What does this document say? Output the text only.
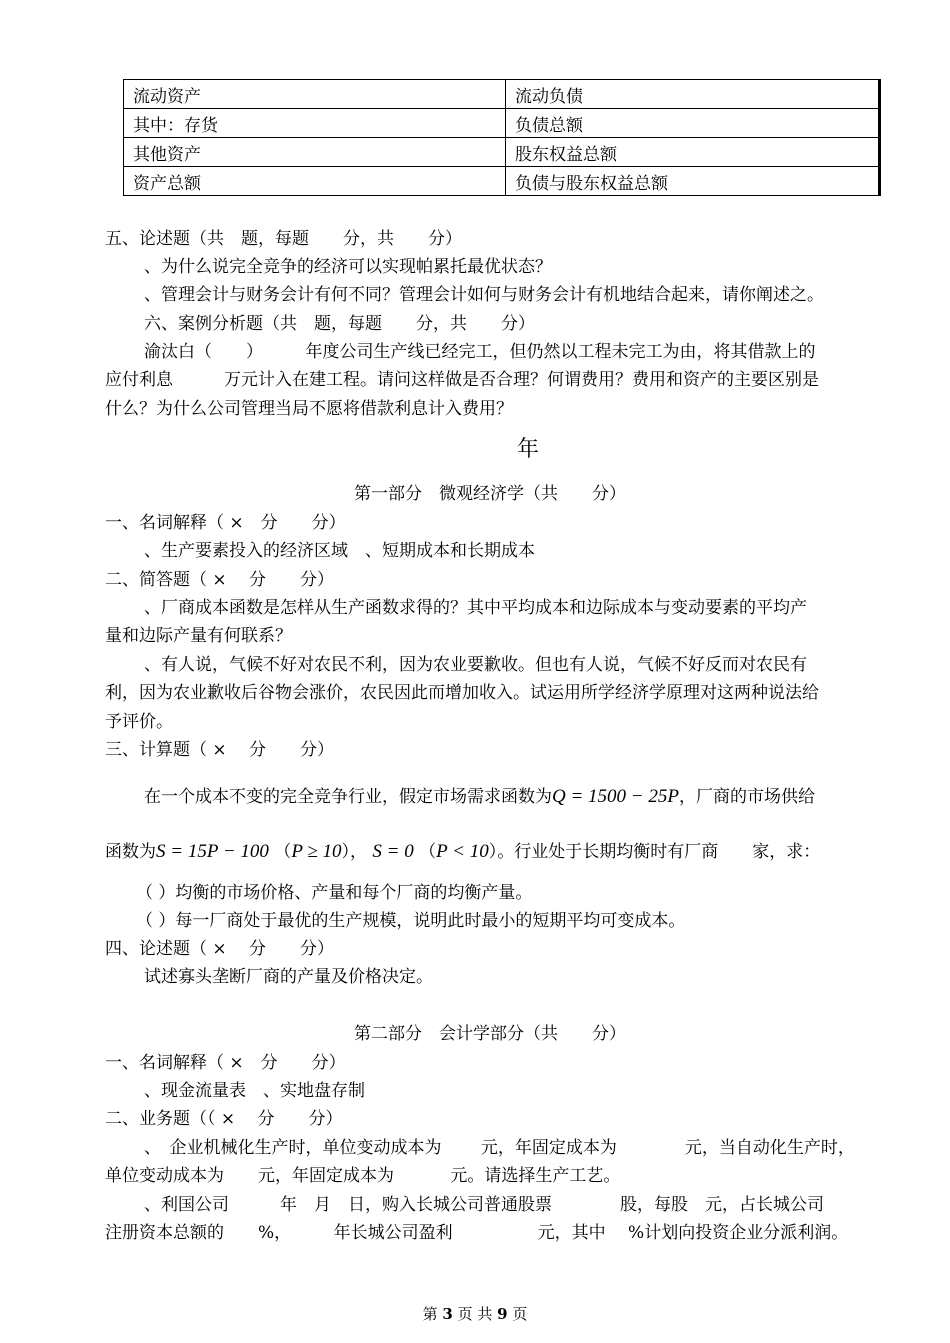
流动资产	流动负债
其中：存货	负债总额
其他资产	股东权益总额
资产总额	负债与股东权益总额
五、论述题（共　题，每题　　分，共　　分）
、为什么说完全竞争的经济可以实现帕累托最优状态？
、管理会计与财务会计有何不同？管理会计如何与财务会计有机地结合起来，请你阐述之。
六、案例分析题（共　题，每题　　分，共　　分）
渝汰白（　　）　　　年度公司生产线已经完工，但仍然以工程未完工为由，将其借款上的
应付利息　　　万元计入在建工程。请问这样做是否合理？何谓费用？费用和资产的主要区别是
什么？为什么公司管理当局不愿将借款利息计入费用？
年
第一部分　微观经济学（共　　分）
一、名词解释（ ×　分　　分）
、生产要素投入的经济区域　、短期成本和长期成本
二、简答题（ ×　 分　　分）
、厂商成本函数是怎样从生产函数求得的？其中平均成本和边际成本与变动要素的平均产
量和边际产量有何联系？
、有人说，气候不好对农民不利，因为农业要歉收。但也有人说，气候不好反而对农民有
利，因为农业歉收后谷物会涨价，农民因此而增加收入。试运用所学经济学原理对这两种说法给
予评价。
三、计算题（ ×　 分　　分）
在一个成本不变的完全竞争行业，假定市场需求函数为Q = 1500 − 25P，厂商的市场供给
函数为S = 15P − 100 （P ≥ 10）， S = 0 （P < 10）。行业处于长期均衡时有厂商　　家，求：
（ ）均衡的市场价格、产量和每个厂商的均衡产量。
（ ）每一厂商处于最优的生产规模，说明此时最小的短期平均可变成本。
四、论述题（ ×　 分　　分）
试述寡头垄断厂商的产量及价格决定。
第二部分　会计学部分（共　　分）
一、名词解释（ ×　分　　分）
、现金流量表　、实地盘存制
二、业务题（（ ×　 分　　分）
、　企业机械化生产时，单位变动成本为　　 元，年固定成本为　　　　元，当自动化生产时，
单位变动成本为　　元，年固定成本为　　　 元。请选择生产工艺。
、利国公司　　　年　月　日，购入长城公司普通股票　　　　股，每股　元，占长城公司
注册资本总额的　　%，　　　年长城公司盈利　　　　　元，其中　 %计划向投资企业分派利润。
第 3 页 共 9 页
